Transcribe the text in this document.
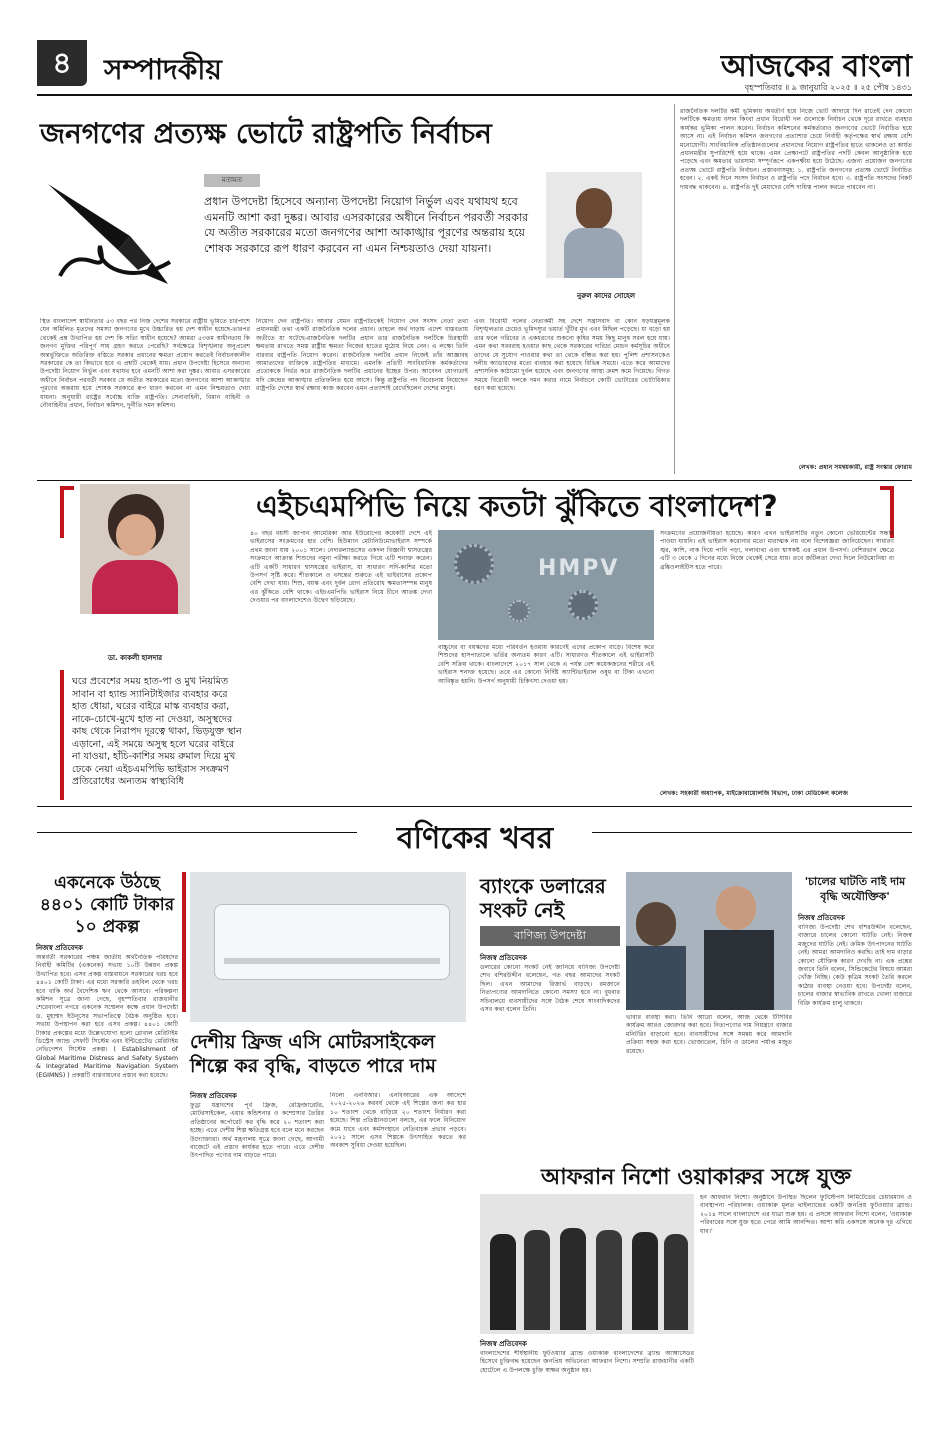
৪	সম্পাদকীয়	আজকের বাংলা
বৃহস্পতিবার ॥ ৯ জানুয়ারি ২০২৫ ॥ ২৫ পৌষ ১৪৩১
জনগণের প্রত্যক্ষ ভোটে রাষ্ট্রপতি নির্বাচন
মতামত
প্রধান উপদেষ্টা হিসেবে অন্যান্য উপদেষ্টা নিয়োগ নির্ভুল এবং যথাযথ হবে এমনটি আশা করা দুষ্কর। আবার এসরকারের অধীনে নির্বাচন পরবর্তী সরকার যে অতীত সরকারের মতো জনগণের আশা আকাঙ্খার পূরণের অন্তরায় হয়ে শোষক সরকারে রূপ ধারণ করবেন না এমন নিশ্চয়তাও দেয়া যায়না।
নুরুল কাদের সোহেল
স্থিত বাংলাদেশ স্বাধীনতার ৫৩ বছর পর নিজ দেশের সরকারে রাষ্ট্রীয় ভূমিতে চারপাশে যেন অমিলিত মৃতদের সমস্যা জনগণের মুখে উচ্চারিত হয় দেশ স্বাধীন হয়েছে-তারপর থেকেই প্রশ্ন উত্থাপিত হয় দেশ কি সত্যি স্বাধীন হয়েছে? আমরা ৫৩তম স্বাধীনতায় কি জনগণ মুক্তির পরিপূর্ণ সাধ গ্রহণ করতে পেরেছি? সর্বক্ষেত্রে বিশৃঙ্খলার অনুপ্রবেশ অন্তর্ভুক্তিতে অতিরিক্ত বস্তিতে সরকার প্রধানের ক্ষমতা প্রয়োগ করতেই নির্বাচনকালীন সরকারের কে তা কিভাবে হবে এ প্রশ্নটি থেকেই যায়। প্রধান উপদেষ্টা হিসেবে অন্যান্য উপদেষ্টা নিয়োগ নির্ভুল এবং যথাযথ হবে এমনটি আশা করা দুষ্কর। আবার এসরকারের অধীনে নির্বাচন পরবর্তী সরকার যে অতীত সরকারের মতো জনগণের আশা আকাঙ্খার পূরণের অন্তরায় হয়ে শোষক সরকারে রূপ ধারণ করবেন না এমন নিশ্চয়তাও দেয়া যায়না। অনুযায়ী রাষ্ট্রের সর্বোচ্চ ব্যক্তি রাষ্ট্রপতি। সেনাবাহিনী, বিমান বাহিনী ও নৌবাহিনীর প্রধান, নির্বাচন কমিশন, দুর্নীতি দমন কমিশন।
নিয়োগ দেন রাষ্ট্রপতি। আবার যেমন রাষ্ট্রপতিকেই নিয়োগ দেন সংসদ নেতা তথা প্রধানমন্ত্রী তথা একটি রাজনৈতিক দলের প্রধান। তাহলে অর্থ দাড়ায় এদেশ বাস্তবতায় অতীতে যা ঘটেছে-রাজনৈতিক দলটির প্রধান তার রাজনৈতিক দলটিকে চিরস্থায়ী ক্ষমতায় রাখতে সমস্ত রাষ্ট্রীয় ক্ষমতা নিজের হাতের মুঠোয় নিয়ে নেন। এ লক্ষ্যে তিনি বারবার রাষ্ট্রপতি নিয়োগ করেন। রাজনৈতিক দলটির প্রধান নিজেই তাঁর আজ্ঞাবহ আমাত্যদের ব্যক্তিকে রাষ্ট্রপতির মাধ্যমে। এমনকি প্রতিটি সাংবিধানিক কর্মকর্তাদের প্রত্যেককে নির্ভর করে রাজনৈতিক দলটির প্রধানের ইচ্ছের উপর। আবেদন যোগ্যতাই যদি কেন্দ্রের আকাঙ্খার প্রতিফলিত হয়ে আসে। কিন্তু রাষ্ট্রপতি পদ বিবেচনায় নিয়েছেন রাষ্ট্রপতি দেশের স্বার্থ রক্ষায় কাজ করবেন এমন প্রত্যাশাই রেখেছিলেন দেশের মানুষ।
এবং বিরোধী দলের নেতাকর্মী সহ দেশে সন্ত্রাসবাদ বা কোন ষড়যন্ত্রমূলক বিশৃঙ্খলতার চেয়েও ভূমিদস্যুর ভয়ার্ত খুঁটির মুখ এবং মিছিল পড়েছে। যা বড়ো হয় তার ফলে গরিবের ও একধরণের শুকনো কৃষির সময় কিছু মানুষ সরল হয়ে যায়। এমন কথা সরবরাহ হওয়ার কাছ থেকে সরকারের দারিদ্র্য মোচন কর্মসূচির অধীনে তাদের যে সুযোগ পাওয়ার কথা তা থেকে বঞ্চিত করা হয়। পুলিশ প্রশাসনকেও দলীয় ক্যাডারদের মতো ব্যবহার করা হয়েছে বিভিন্ন সময়ে। এতে করে আমাদের প্রশাসনিক কাঠামো দুর্বল হয়েছে এবং জনগণের আস্থা ক্রমশ কমে গিয়েছে। বিগত সময়ে বিরোধী দলকে দমন করার নামে নির্বাচনে কোটি ভোটারের ভোটাধিকার হরণ করা হয়েছে।
রাজনৈতিক দলটির কর্মী ভূমিকায় অবতীর্ণ হয়ে নিজে ভোট আদায়ে দিন রাতেই দেন কোনো দলটিকে ক্ষমতায় বসান কিংবা প্রধান বিরোধী দল গুলোকে নির্বাচন থেকে দূরে রাখতে ব্যবহার কার্যকর ভূমিকা পালন করেন। নির্বাচন কমিশনের কর্মকর্তারাও জনগণের ভোটে নির্বাচিত হয়ে আসে না। এই নির্বাচন কমিশন জনগণের প্রত্যাশার চেয়ে নির্বাহী কর্তৃপক্ষের স্বার্থ রক্ষায় বেশি মনোযোগী। সাংবিধানিক প্রতিষ্ঠানগুলোর প্রধানদের নিয়োগ রাষ্ট্রপতির হাতে থাকলেও তা কার্যত প্রধানমন্ত্রীর সুপারিশেই হয়ে থাকে। এমন প্রেক্ষাপটে রাষ্ট্রপতির পদটি কেবল আনুষ্ঠানিক হয়ে পড়েছে এবং ক্ষমতার ভারসাম্য সম্পূর্ণরূপে একপক্ষীয় হয়ে উঠেছে। এজন্য প্রয়োজন জনগণের প্রত্যক্ষ ভোটে রাষ্ট্রপতি নির্বাচন। প্রস্তাবনাসমূহ: ১. রাষ্ট্রপতি জনগণের প্রত্যক্ষ ভোটে নির্বাচিত হবেন। ২. একই দিনে সংসদ নির্বাচন ও রাষ্ট্রপতি পদে নির্বাচন হবে। ৩. রাষ্ট্রপতি সংসদের নিকট দায়বদ্ধ থাকবেন। ৪. রাষ্ট্রপতি দুই মেয়াদের বেশি দায়িত্ব পালন করতে পারবেন না।
লেখক: প্রধান সমন্বয়কারী, রাষ্ট্র সংস্কার ফোরাম
এইচএমপিভি নিয়ে কতটা ঝুঁকিতে বাংলাদেশ?
ডা. কাকলী হালদার
ঘরে প্রবেশের সময় হাত-পা ও মুখ নিয়মিত সাবান বা হ্যান্ড স্যানিটাইজার ব্যবহার করে হাত ধোয়া, ঘরের বাইরে মাস্ক ব্যবহার করা, নাকে-চোখে-মুখে হাত না দেওয়া, অসুস্থদের কাছ থেকে নিরাপদ দূরত্বে থাকা, ভিড়যুক্ত স্থান এড়ানো, এই সময়ে অসুস্থ হলে ঘরের বাইরে না যাওয়া, হাঁচি-কাশির সময় রুমাল দিয়ে মুখ ঢেকে নেয়া এইচএমপিভি ভাইরাস সংক্রমণ প্রতিরোধের অন্যতম স্বাস্থ্যবিধি
৪০ বছর বয়সী জাপান আমেরিকা আর ইউরোপের কয়েকটি দেশে এই ভাইরাসের সংক্রমণের হার বেশি। হিউম্যান মেটানিউমোভাইরাস সম্পর্কে প্রথম জানা যায় ২০০১ সালে। নেদারল্যান্ডসের একদল বিজ্ঞানী শ্বাসতন্ত্রের সংক্রমণে আক্রান্ত শিশুদের নমুনা পরীক্ষা করতে গিয়ে এটি শনাক্ত করেন। এটি একটি সাধারণ শ্বাসযন্ত্রের ভাইরাস, যা সাধারণ সর্দি-কাশির মতো উপসর্গ সৃষ্টি করে। শীতকালে ও বসন্তের শুরুতে এই ভাইরাসের প্রকোপ বেশি দেখা যায়। শিশু, বয়স্ক এবং দুর্বল রোগ প্রতিরোধ ক্ষমতাসম্পন্ন মানুষ এর ঝুঁকিতে বেশি থাকে। এইচএমপিভি ভাইরাস নিয়ে চীনে আতঙ্ক দেখা দেওয়ার পর বাংলাদেশেও উদ্বেগ ছড়িয়েছে।
HMPV
বাচ্চুদের বা বয়স্কদের মধ্যে পরিবর্তন হওয়ায় কারণেই এদের প্রকোপ বাড়ে। বিশেষ করে শিশুদের হাসপাতালে ভর্তির অন্যতম কারণ এটি। সাধারণত শীতকালে এই ভাইরাসটি বেশি সক্রিয় থাকে। বাংলাদেশে ২০১৭ সাল থেকে এ পর্যন্ত বেশ কয়েকজনের শরীরে এই ভাইরাস শনাক্ত হয়েছে। তবে এর কোনো নির্দিষ্ট অ্যান্টিভাইরাল ওষুধ বা টিকা এখনো আবিষ্কৃত হয়নি। উপসর্গ অনুযায়ী চিকিৎসা দেওয়া হয়।
সংক্রমণের প্রয়োজনীয়তা হয়েছে। কারণ এখন ভাইরাসটির নতুন কোনো ভেরিয়েন্টের সন্ধান পাওয়া যায়নি। এই ভাইরাস করোনার মতো মারাত্মক নয় বলে বিশেষজ্ঞরা জানিয়েছেন। সাধারণ জ্বর, কাশি, নাক দিয়ে পানি পড়া, গলাব্যথা এবং শ্বাসকষ্ট এর প্রধান উপসর্গ। বেশিরভাগ ক্ষেত্রে এটি ৩ থেকে ৫ দিনের মধ্যে নিজে থেকেই সেরে যায়। তবে জটিলতা দেখা দিলে নিউমোনিয়া বা ব্রঙ্কিওলাইটিস হতে পারে।
লেখক: সহকারী অধ্যাপক, মাইক্রোবায়োলজি বিভাগ, ঢাকা মেডিকেল কলেজ
বণিকের খবর
একনেকে উঠছে ৪৪০১ কোটি টাকার ১০ প্রকল্প
নিজস্ব প্রতিবেদক
অন্তর্বর্তী সরকারের পঞ্চম জাতীয় অর্থনৈতিক পরিষদের নির্বাহী কমিটির (একনেক) সভায় ১০টি উন্নয়ন প্রকল্প উত্থাপিত হবে। এসব প্রকল্প বাস্তবায়নে সরকারের খরচ হবে ৪৪০১ কোটি টাকা। এর মধ্যে সরকারি তহবিল থেকে খরচ হবে বাকি অর্থ বৈদেশিক ঋণ থেকে আসবে। পরিকল্পনা কমিশন সূত্রে জানা গেছে, বৃহস্পতিবার রাজধানীর শেরেবাংলা নগরে একনেক সম্মেলন কক্ষে প্রধান উপদেষ্টা ড. মুহাম্মদ ইউনূসের সভাপতিত্বে বৈঠক অনুষ্ঠিত হবে। সভায় উপস্থাপন করা হবে এসব প্রকল্প। ৪৪০১ কোটি টাকার প্রকল্পের মধ্যে উল্লেখযোগ্য হলো গ্লোবাল মেরিটাইম ডিস্ট্রেস অ্যান্ড সেফটি সিস্টেম এবং ইন্টিগ্রেটেড মেরিটাইম নেভিগেশন সিস্টেম প্রকল্প। ( Establishment of Global Maritime Distress and Safety System & Integrated Maritime Navigation System (EGIMNS) ) প্রকল্পটি বাস্তবায়নের প্রস্তাব করা হয়েছে।
দেশীয় ফ্রিজ এসি মোটরসাইকেল শিল্পে কর বৃদ্ধি, বাড়তে পারে দাম
নিজস্ব প্রতিবেদক
ফুড্রা যন্ত্রাংশের পূর্ব ফ্রিজ, রেফ্রিজারেটর, মোটরসাইকেল, এয়ার কন্ডিশনার ও কম্প্রেসার তৈরির প্রতিষ্ঠানের কর্পোরেট কর বৃদ্ধি করে ২০ শতাংশ করা হচ্ছে। এতে দেশীয় শিল্প ক্ষতিগ্রস্ত হবে বলে মনে করছেন উদ্যোক্তারা। অর্থ মন্ত্রণালয় সূত্রে জানা গেছে, আগামী বাজেটে এই প্রস্তাব কার্যকর হতে পারে। এতে দেশীয় উৎপাদিত পণ্যের দাম বাড়তে পারে।
নিলো এনবিআর। এনবিআরের এক আদেশে ২০২৫-২০২৬ করবর্ষ থেকে এই শিল্পের জন্য কর হার ১০ শতাংশ থেকে বাড়িয়ে ২০ শতাংশ নির্ধারণ করা হয়েছে। শিল্প প্রতিষ্ঠানগুলো বলছে, এর ফলে বিনিয়োগ কমে যাবে এবং কর্মসংস্থানে নেতিবাচক প্রভাব পড়বে। ২০২১ সালে এসব শিল্পকে উৎসাহিত করতে কর অবকাশ সুবিধা দেওয়া হয়েছিল।
ব্যাংকে ডলারের সংকট নেই
বাণিজ্য উপদেষ্টা
নিজস্ব প্রতিবেদক
ডলারের কোনো সংকট নেই জানিয়ে বাণিজ্য উপদেষ্টা শেখ বশিরউদ্দীন বলেছেন, গত বছর আমাদের সংকট ছিল। এখন আমাদের রিজার্ভ বাড়ছে। রমজানে নিত্যপণ্যের আমদানিতে কোনো সমস্যা হবে না। বুধবার সচিবালয়ে ব্যবসায়ীদের সঙ্গে বৈঠক শেষে সাংবাদিকদের এসব কথা বলেন তিনি।
ভাবার ব্যবস্থা করা। তিনি আরো বলেন, আজ থেকে টিসিবির কার্যক্রম আরও জোরদার করা হবে। নিত্যপণ্যের দাম নিয়ন্ত্রণে বাজার মনিটরিং বাড়ানো হবে। ব্যবসায়ীদের সঙ্গে সমন্বয় করে আমদানি প্রক্রিয়া সহজ করা হবে। ভোজ্যতেল, চিনি ও ডালের পর্যাপ্ত মজুত রয়েছে।
'চালের ঘাটতি নাই দাম বৃদ্ধি অযৌক্তিক'
নিজস্ব প্রতিবেদক
বাণিজ্য উপদেষ্টা শেখ বশিরউদ্দীন বলেছেন, বাজারে চালের কোনো ঘাটতি নেই। নিজস্ব মজুদের ঘাটতি নেই। ক্রমিক উৎপাদনের ঘাটতি নেই। আমরা আমদানিও করছি। তাই দাম বাড়ার কোনো যৌক্তিক কারণ দেখছি না। এক প্রশ্নের জবাবে তিনি বলেন, সিন্ডিকেটের বিষয়ে আমরা খোঁজ নিচ্ছি। কেউ কৃত্রিম সংকট তৈরি করলে কঠোর ব্যবস্থা নেওয়া হবে। উপদেষ্টা বলেন, চালের বাজার স্বাভাবিক রাখতে খোলা বাজারে বিক্রি কার্যক্রম চালু থাকবে।
আফরান নিশো ওয়াকারুর সঙ্গে যুক্ত
নিজস্ব প্রতিবেদক
বাংলাদেশের শীর্ষস্থানীয় ফুটওয়্যার ব্র্যান্ড ওয়াকারু বাংলাদেশের ব্র্যান্ড অ্যাম্বাসেডর হিসেবে চুক্তিবদ্ধ হয়েছেন জনপ্রিয় অভিনেতা আফরান নিশো। সম্প্রতি রাজধানীর একটি হোটেলে এ উপলক্ষে চুক্তি স্বাক্ষর অনুষ্ঠান হয়।
হন আফরান নিশো। অনুষ্ঠানে উপস্থিত ছিলেন ফুটস্টেপস লিমিটেডের চেয়ারম্যান ও ব্যবস্থাপনা পরিচালক। ওয়াকারু মূলত থাইল্যান্ডের একটি জনপ্রিয় ফুটওয়্যার ব্র্যান্ড। ২০১৪ সালে বাংলাদেশে এর যাত্রা শুরু হয়। এ প্রসঙ্গে আফরান নিশো বলেন, 'ওয়াকারু পরিবারের সঙ্গে যুক্ত হতে পেরে আমি আনন্দিত। আশা করি একসঙ্গে অনেক দূর এগিয়ে যাব।'
